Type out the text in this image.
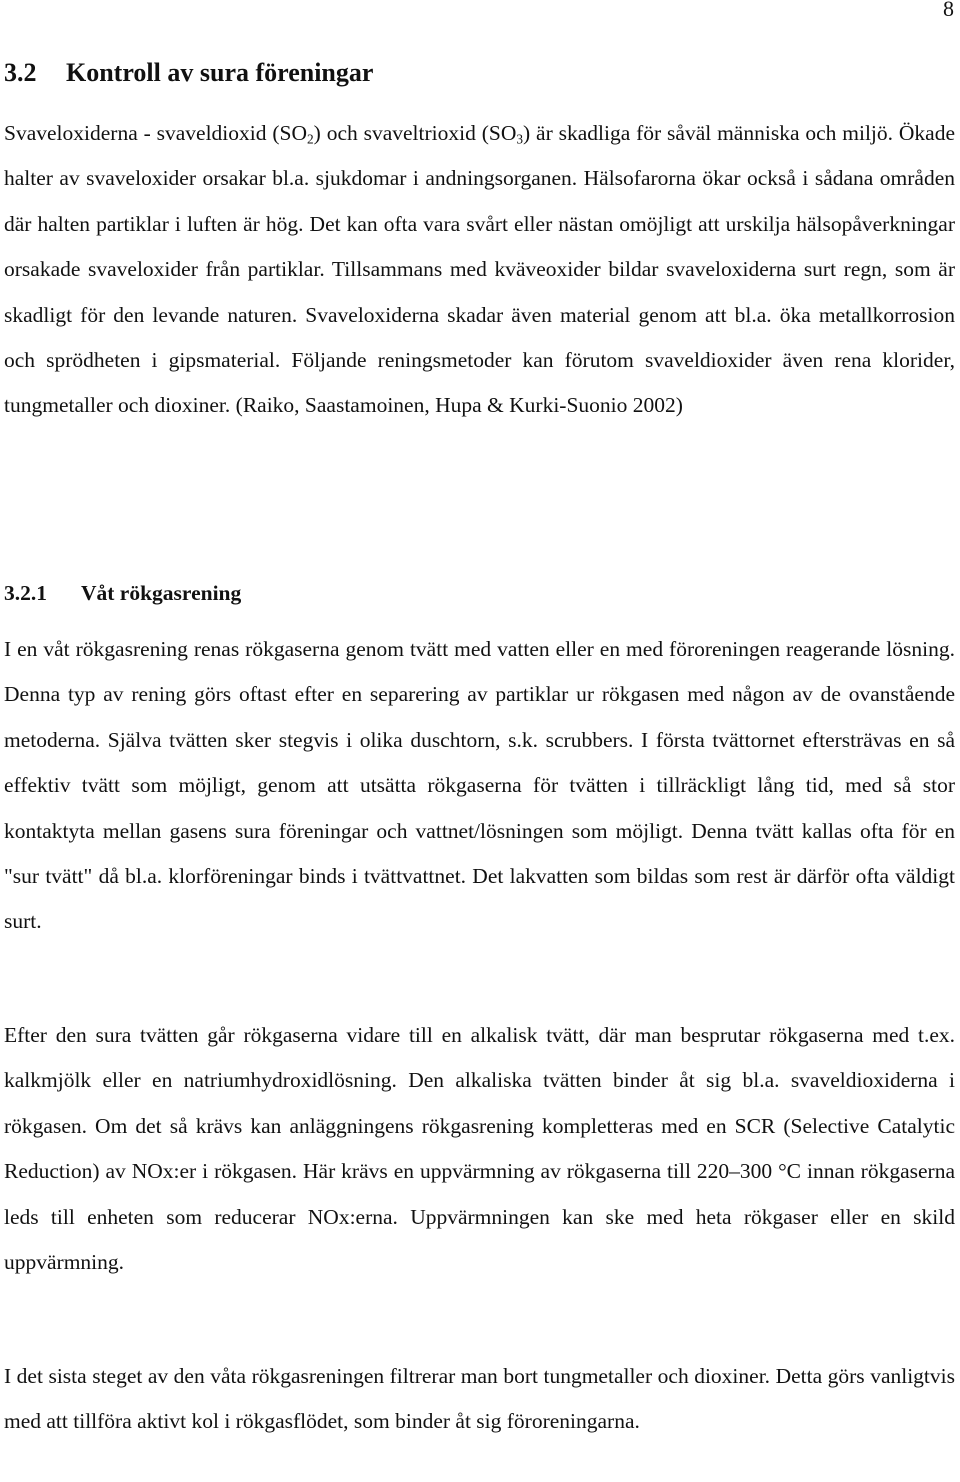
8
3.2 Kontroll av sura föreningar

Svaveloxiderna - svaveldioxid $(SO_2)$ och svaveltrioxid $(SO_3)$ är skadliga för såväl människa och miljö. Ökade halter av svaveloxider orsakar bl.a. sjukdomar i andningsorganen. Hälsofarorna ökar också i sådana områden där halten partiklar i luften är hög. Det kan ofta vara svårt eller nästan omöjligt att urskilja hälsopåverkningar orsakade svaveloxider från partiklar. Tillsammans med kväveoxider bildar svaveloxiderna surt regn, som är skadligt för den levande naturen. Svaveloxiderna skadar även material genom att bl.a. öka metallkorrosion och sprödheten i gipsmaterial. Följande reningsmetoder kan förutom svaveldioxider även rena klorider, tungmetaller och dioxiner. (Raiko, Saastamoinen, Hupa & Kurki-Suonio 2002)

3.2.1 Våt rökgasrening

I en våt rökgasrening renas rökgaserna genom tvätt med vatten eller en med föroreningen reagerande lösning. Denna typ av rening görs oftast efter en separering av partiklar ur rökgasen med någon av de ovanstående metoderna. Själva tvätten sker stegvis i olika duschtorn, s.k. scrubbers. I första tvättornet eftersträvas en så effektiv tvätt som möjligt, genom att utsätta rökgaserna för tvätten i tillräckligt lång tid, med så stor kontaktyta mellan gasens sura föreningar och vattnet/lösningen som möjligt. Denna tvätt kallas ofta för en "sur tvätt" då bl.a. klorföreningar binds i tvättvattnet. Det lakvatten som bildas som rest är därför ofta väldigt surt.

Efter den sura tvätten går rökgaserna vidare till en alkalisk tvätt, där man besprutar rökgaserna med t.ex. kalkmjölk eller en natriumhydroxidlösning. Den alkaliska tvätten binder åt sig bl.a. svaveldioxiderna i rökgasen. Om det så krävs kan anläggningens rökgasrening kompletteras med en SCR (Selective Catalytic Reduction) av NOx:er i rökgasen. Här krävs en uppvärmning av rökgaserna till 220–300 °C innan rökgaserna leds till enheten som reducerar NOx:erna. Uppvärmningen kan ske med heta rökgaser eller en skild uppvärmning.

I det sista steget av den våta rökgasreningen filtrerar man bort tungmetaller och dioxiner. Detta görs vanligtvis med att tillföra aktivt kol i rökgasflödet, som binder åt sig föroreningarna.
